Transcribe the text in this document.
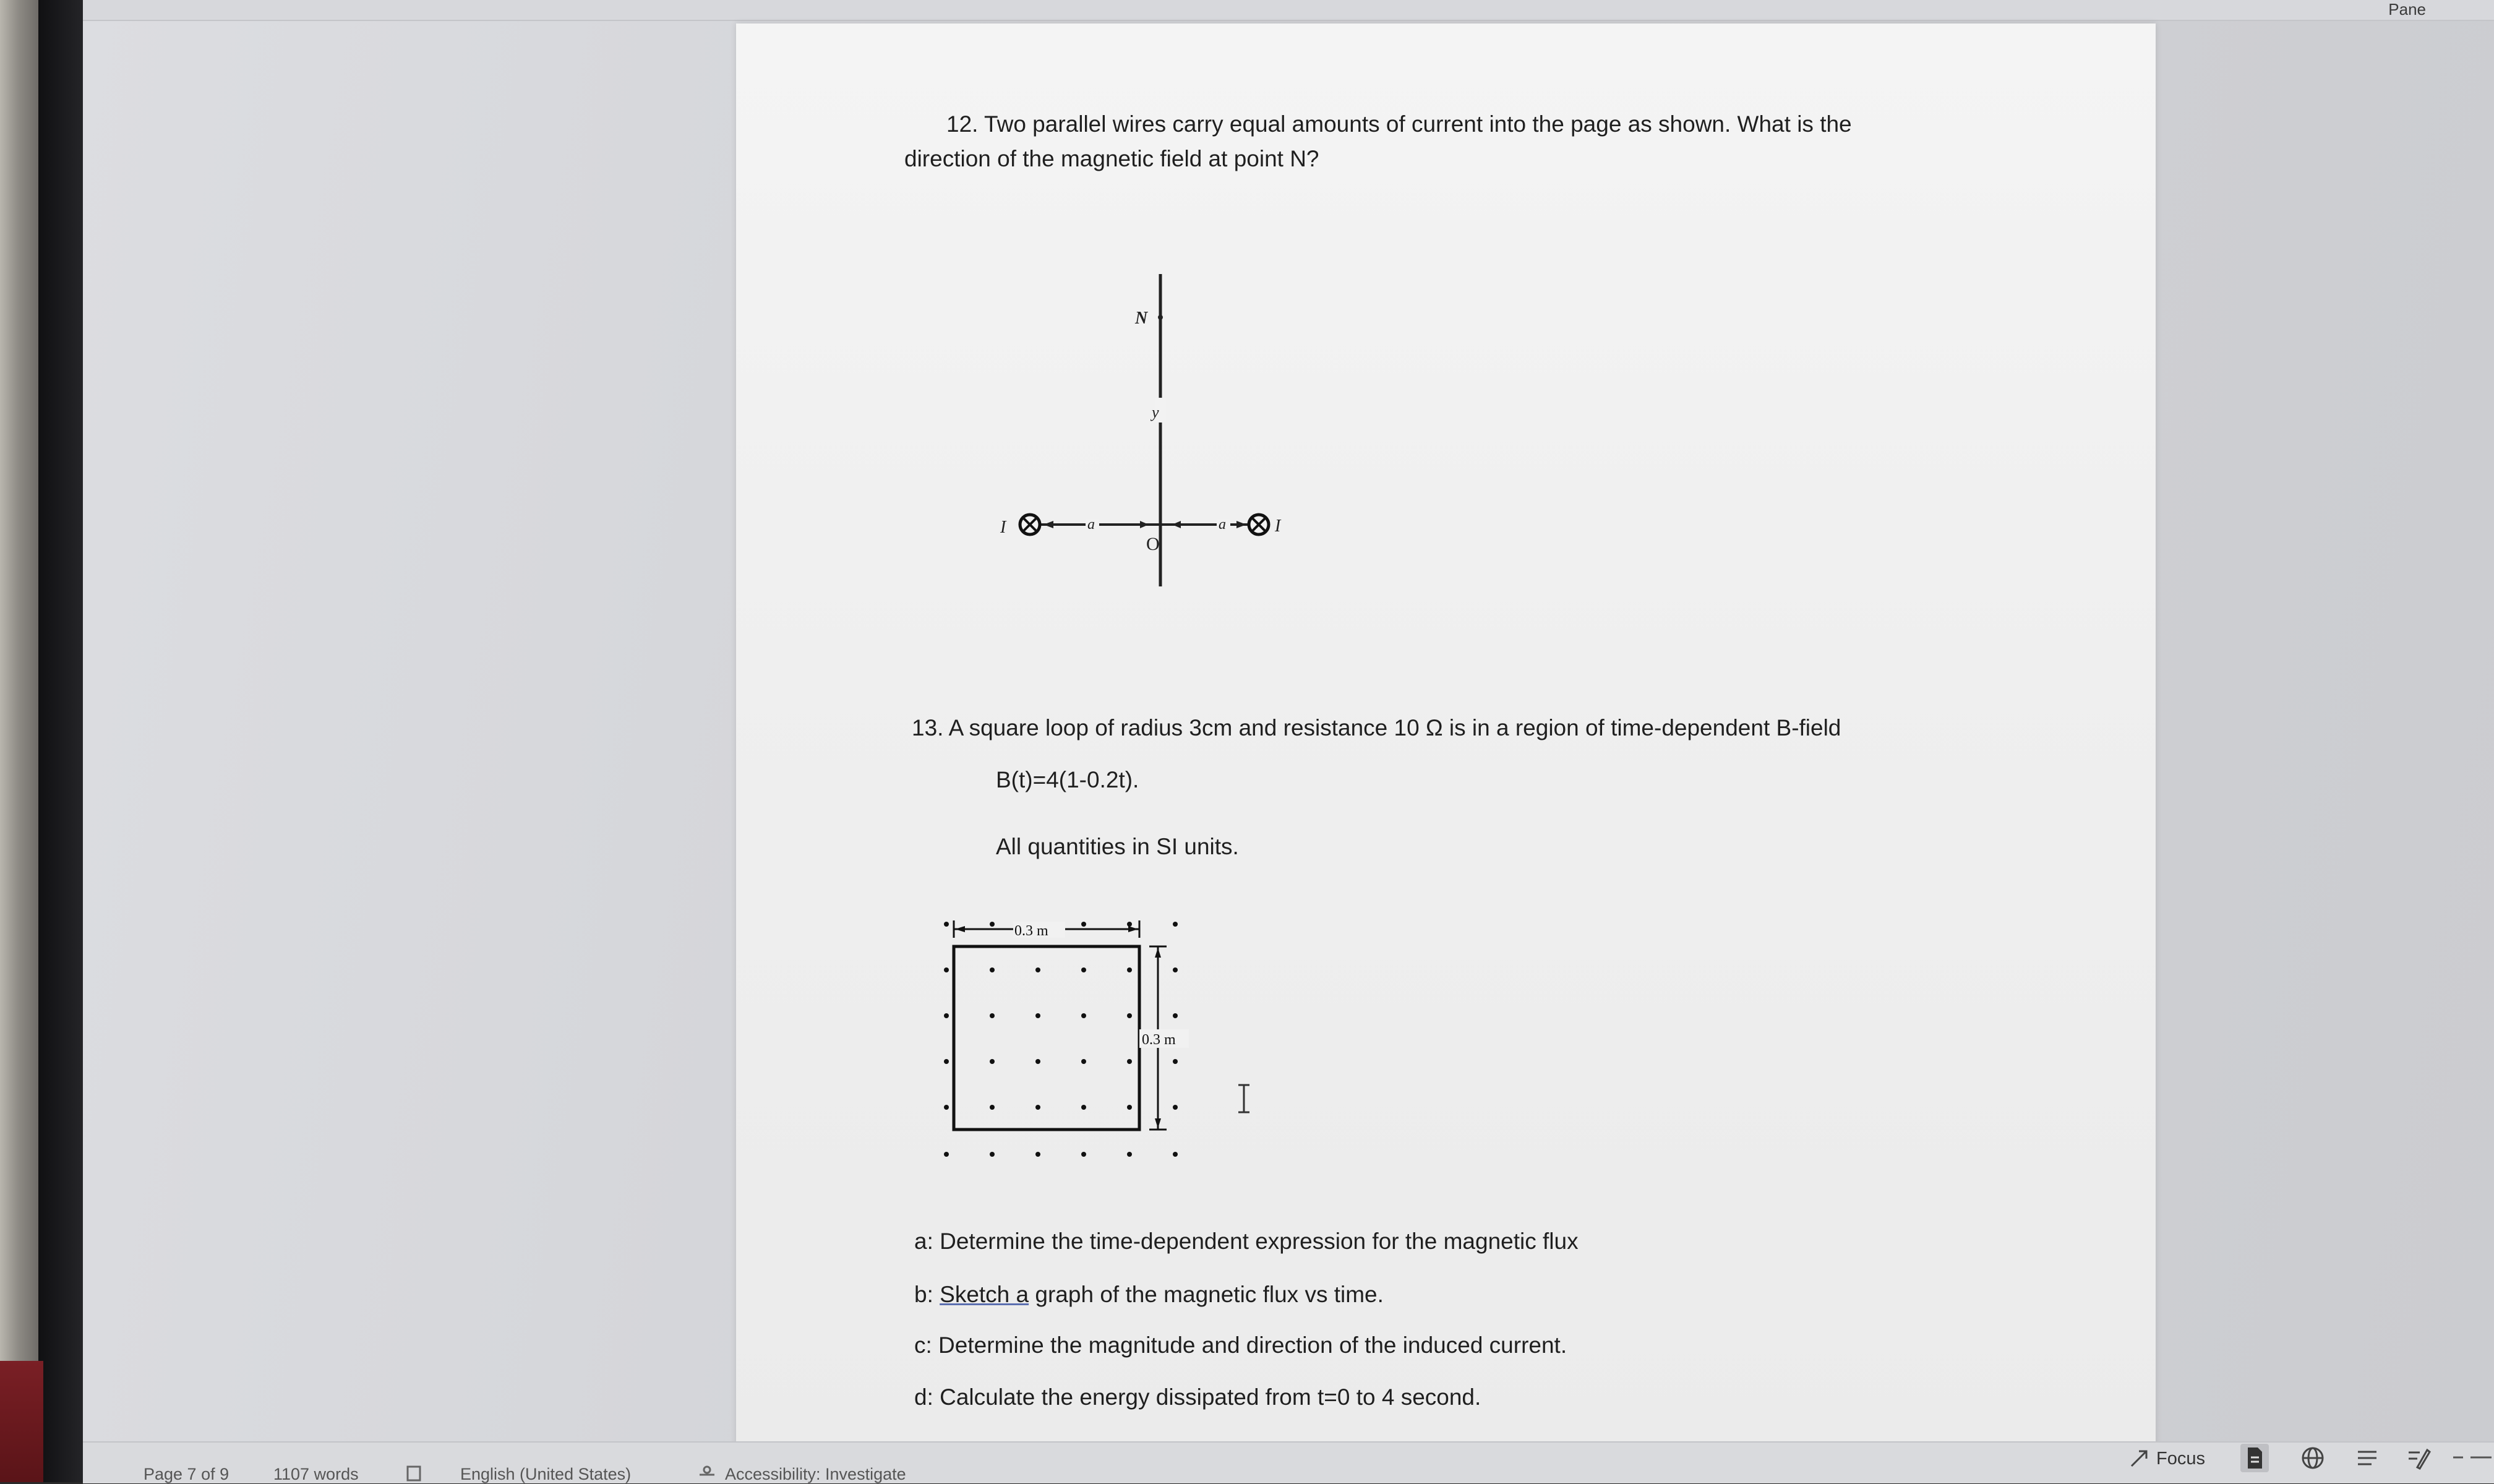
Pane
12. Two parallel wires carry equal amounts of current into the page as shown. What is the
direction of the magnetic field at point N?
y
N
I	I
a	a
O
13. A square loop of radius 3cm and resistance 10 Ω is in a region of time-dependent B-field
B(t)=4(1-0.2t).
All quantities in SI units.
0.3 m
0.3 m
a: Determine the time-dependent expression for the magnetic flux
b: Sketch a graph of the magnetic flux vs time.
c: Determine the magnitude and direction of the induced current.
d: Calculate the energy dissipated from t=0 to 4 second.
Page 7 of 9	1107 words	English (United States)	Accessibility: Investigate
Focus
